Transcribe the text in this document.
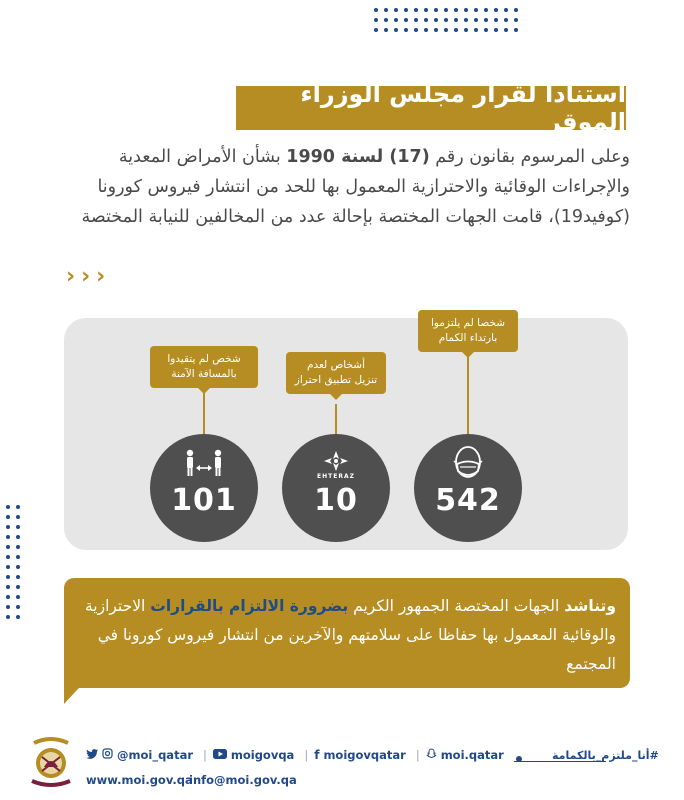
استنادا لقرار مجلس الوزراء الموقر

وعلى المرسوم بقانون رقم (17) لسنة 1990 بشأن الأمراض المعدية والإجراءات الوقائية والاحترازية المعمول بها للحد من انتشار فيروس كورونا (كوفيد19)، قامت الجهات المختصة بإحالة عدد من المخالفين للنيابة المختصة

›››
شخص لم يتقيدوا بالمسافة الآمنة
101
أشخاص لعدم تنزيل تطبيق احتراز
EHTERAZ
10
شخصا لم يلتزموا بارتداء الكمام
542

وتناشد الجهات المختصة الجمهور الكريم بضرورة الالتزام بالقرارات الاحترازية والوقائية المعمول بها حفاظا على سلامتهم والآخرين من انتشار فيروس كورونا في المجتمع

#أنا_ملتزم_بالكمامة
@moi_qatar | moigovqa | f moigovqatar | moi.qatar
www.moi.gov.qa
info@moi.gov.qa
